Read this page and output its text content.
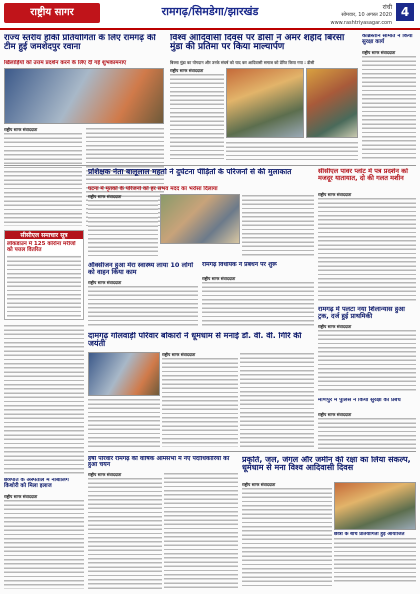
राष्ट्रीय सागर	रामगढ़/सिमडेगा/झारखंड	रांची
सोमवार, 10 अगस्त 2020
www.rashtriyasagar.com
4
राज्य स्तरीय हॉकी प्रतियोगिता के लिए रामगढ़ की टीम हुई जमशेदपुर रवाना
खिलाड़ियों को उत्तम प्रदर्शन करने के लिए दी गईं शुभकामनाएं
राष्ट्रीय सागर संवाददाता
विश्व आदिवासी दिवस पर डीसी ने अमर शहीद बिरसा मुंडा की प्रतिमा पर किया माल्यार्पण
बिरसा मुंडा का योगदान और उनके संघर्ष को याद कर आदिवासी समाज को प्रेरित किया गया : डीसी
राष्ट्रीय सागर संवाददाता
कब्रिस्तान समिति ने किया सुरक्षा कार्य
राष्ट्रीय सागर संवाददाता
सीसीएल समाचार सूत्र
लॉकडाउन में 125 कोरोना मरीजों को पत्तल वितरित
प्रशिक्षक नेता बालूलाल महतो ने दुर्घटना पीड़ितों के परिजनों से की मुलाकात
घटना में मृतकों के परिजनों को हर संभव मदद का भरोसा दिलाया
राष्ट्रीय सागर संवाददाता
सीसीएल पावर प्लांट में पत्र प्रदर्शन को मजदूर यातायात, दो की गलत मशीन
राष्ट्रीय सागर संवाददाता
ऑक्सीजन हुआ मेरा स्वास्थ्य लाया 10 लोगों को वाहन किया काम
राष्ट्रीय सागर संवाददाता
रामगढ़ विधायक ने प्रबंधन पर शुरू
राष्ट्रीय सागर संवाददाता
दामगढ़ गोलवाड़ी परिवार बोकारो ने धूमधाम से मनाई डॉ. वी. वी. गिरि की जयंती
राष्ट्रीय सागर संवाददाता
रामगढ़ में पलटा नया शिलान्यास हुआ ट्रक, दर्ज हुई प्राथमिकी
राष्ट्रीय सागर संवाददाता
मणिपुर में पुलिस ने किया सुरक्षा का प्रबंध
राष्ट्रीय सागर संवाददाता
छत्रपति के अस्पताल में नाबालिग किशोरी को मिला इलाज
राष्ट्रीय सागर संवाददाता
हर्षी परिवार रामगढ़ की वार्षिक आमसभा में नए पदाधिकारियों का हुआ चयन
राष्ट्रीय सागर संवाददाता
प्रकृति, जल, जंगल और जमीन की रक्षा का लिया संकल्प, धूमधाम से मना विश्व आदिवासी दिवस
राष्ट्रीय सागर संवाददाता
छात्रों के बीच प्रतियोगिता हुई आयोजित
